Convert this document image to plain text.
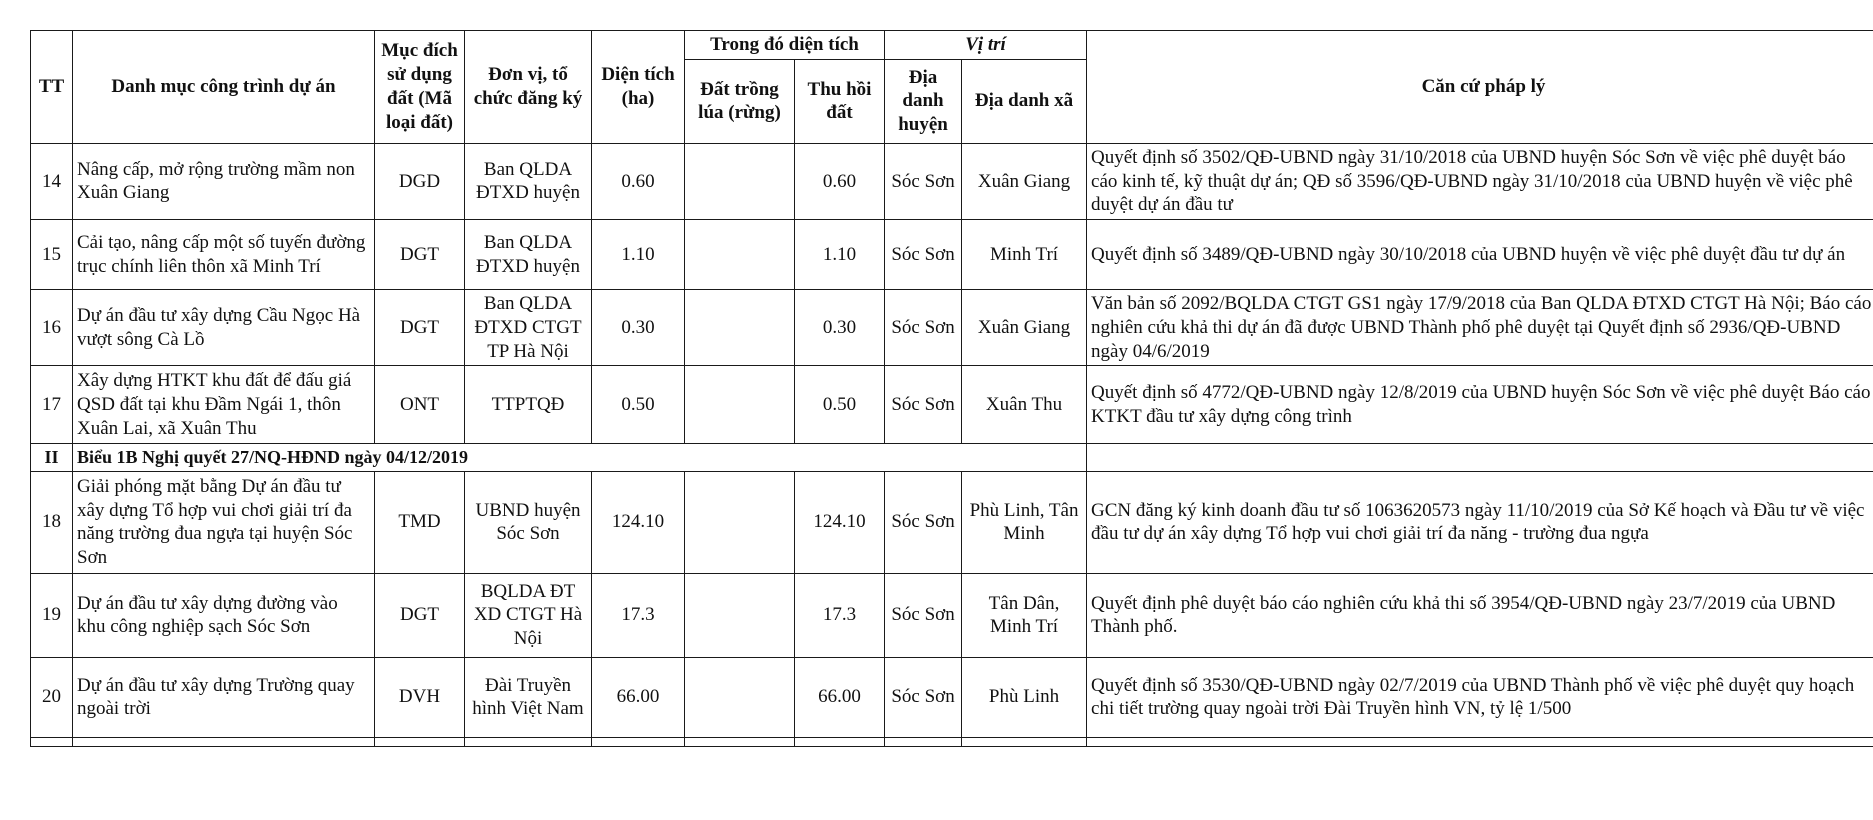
TT	Danh mục công trình dự án	Mục đích sử dụng đất (Mã loại đất)	Đơn vị, tổ chức đăng ký	Diện tích (ha)	Trong đó diện tích		Vị trí		Căn cứ pháp lý
					Đất trồng lúa (rừng)	Thu hồi đất	Địa danh huyện	Địa danh xã	
14	Nâng cấp, mở rộng trường mầm non Xuân Giang	DGD	Ban QLDA ĐTXD huyện	0.60		0.60	Sóc Sơn	Xuân Giang	Quyết định số 3502/QĐ-UBND ngày 31/10/2018 của UBND huyện Sóc Sơn về việc phê duyệt báo cáo kinh tế, kỹ thuật dự án; QĐ số 3596/QĐ-UBND ngày 31/10/2018 của UBND huyện về việc phê duyệt dự án đầu tư
15	Cải tạo, nâng cấp một số tuyến đường trục chính liên thôn xã Minh Trí	DGT	Ban QLDA ĐTXD huyện	1.10		1.10	Sóc Sơn	Minh Trí	Quyết định số 3489/QĐ-UBND ngày 30/10/2018 của UBND huyện về việc phê duyệt đầu tư dự án
16	Dự án đầu tư xây dựng Cầu Ngọc Hà vượt sông Cà Lồ	DGT	Ban QLDA ĐTXD CTGT TP Hà Nội	0.30		0.30	Sóc Sơn	Xuân Giang	Văn bản số 2092/BQLDA CTGT GS1 ngày 17/9/2018 của Ban QLDA ĐTXD CTGT Hà Nội; Báo cáo nghiên cứu khả thi dự án đã được UBND Thành phố phê duyệt tại Quyết định số 2936/QĐ-UBND ngày 04/6/2019
17	Xây dựng HTKT khu đất để đấu giá QSD đất tại khu Đầm Ngái 1, thôn Xuân Lai, xã Xuân Thu	ONT	TTPTQĐ	0.50		0.50	Sóc Sơn	Xuân Thu	Quyết định số 4772/QĐ-UBND ngày 12/8/2019 của UBND huyện Sóc Sơn về việc phê duyệt Báo cáo KTKT đầu tư xây dựng công trình
II	Biểu 1B Nghị quyết 27/NQ-HĐND ngày 04/12/2019								
18	Giải phóng mặt bằng Dự án đầu tư xây dựng Tổ hợp vui chơi giải trí đa năng trường đua ngựa tại huyện Sóc Sơn	TMD	UBND huyện Sóc Sơn	124.10		124.10	Sóc Sơn	Phù Linh, Tân Minh	GCN đăng ký kinh doanh đầu tư số 1063620573 ngày 11/10/2019 của Sở Kế hoạch và Đầu tư về việc đầu tư dự án xây dựng Tổ hợp vui chơi giải trí đa năng - trường đua ngựa
19	Dự án đầu tư xây dựng đường vào khu công nghiệp sạch Sóc Sơn	DGT	BQLDA ĐT XD CTGT Hà Nội	17.3		17.3	Sóc Sơn	Tân Dân, Minh Trí	Quyết định phê duyệt báo cáo nghiên cứu khả thi số 3954/QĐ-UBND ngày 23/7/2019 của UBND Thành phố.
20	Dự án đầu tư xây dựng Trường quay ngoài trời	DVH	Đài Truyền hình Việt Nam	66.00		66.00	Sóc Sơn	Phù Linh	Quyết định số 3530/QĐ-UBND ngày 02/7/2019 của UBND Thành phố về việc phê duyệt quy hoạch chi tiết trường quay ngoài trời Đài Truyền hình VN, tỷ lệ 1/500
